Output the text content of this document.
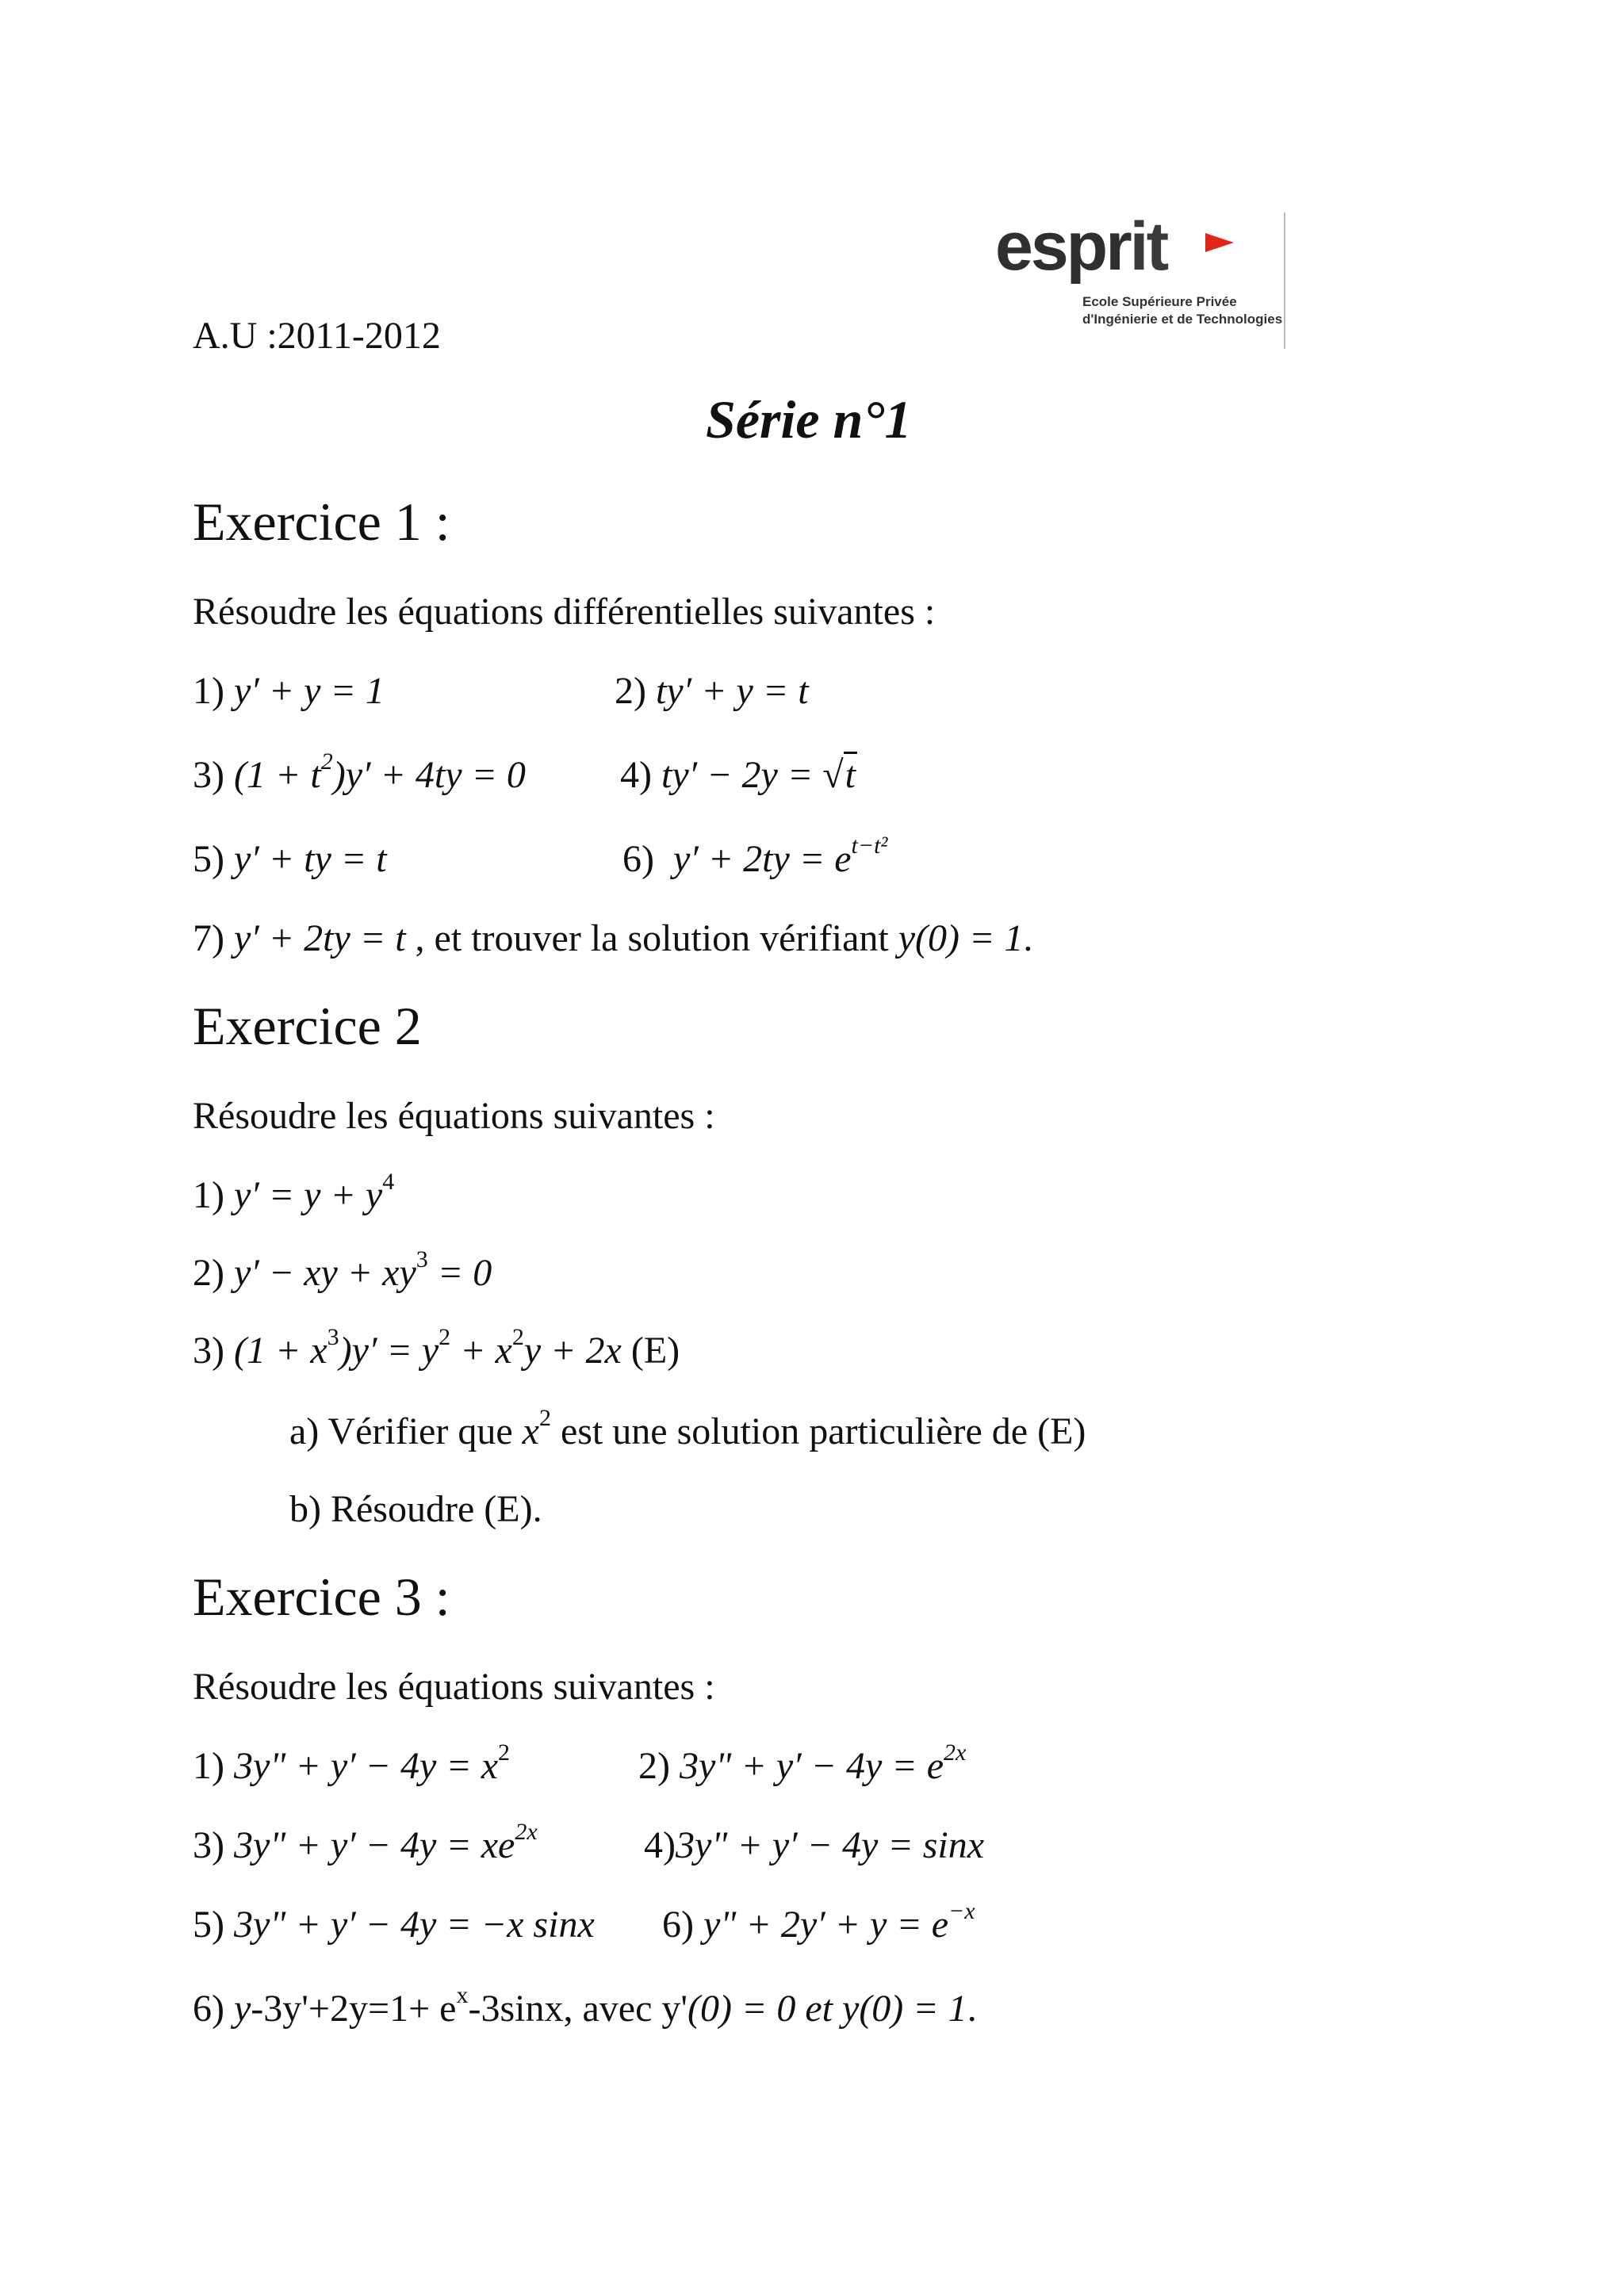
A.U :2011-2012
esprit
Ecole Supérieure Privée
d'Ingénierie et de Technologies
Série n°1
Exercice 1 :
Résoudre les équations différentielles suivantes :
1) y′ + y = 1	2) ty′ + y = t
3) $(1 + t^2)y' + 4ty = 0$ 4) ty′ − 2y = √t
5) y′ + ty = t	6) $y' + 2ty = e^{t-t^2}$
7) y′ + 2ty = t , et trouver la solution vérifiant y(0) = 1.
Exercice 2
Résoudre les équations suivantes :
1) $y' = y + y^4$
2) y′ − xy + $xy^3 = 0$
3) $(1 + x^3)y' = y^2 + x^2y + 2x$ (E)
a) Vérifier que $x^2$ est une solution particulière de (E)
b) Résoudre (E).
Exercice 3 :
Résoudre les équations suivantes :
1) 3y" + $y' - 4y = x^2$	2) 3y" + $y' - 4y = e^{2x}$
3) 3y" + $y' - 4y = xe^{2x}$	4)3y" + y′ − 4y = sinx
5) 3y" + y′ − 4y = −x sinx 6) y" + $2y' + y = e^{-x}$
6) $y-3y'+2y=1+ e^x-3\sin x$, avec y'(0) = 0 et y(0) = 1.
